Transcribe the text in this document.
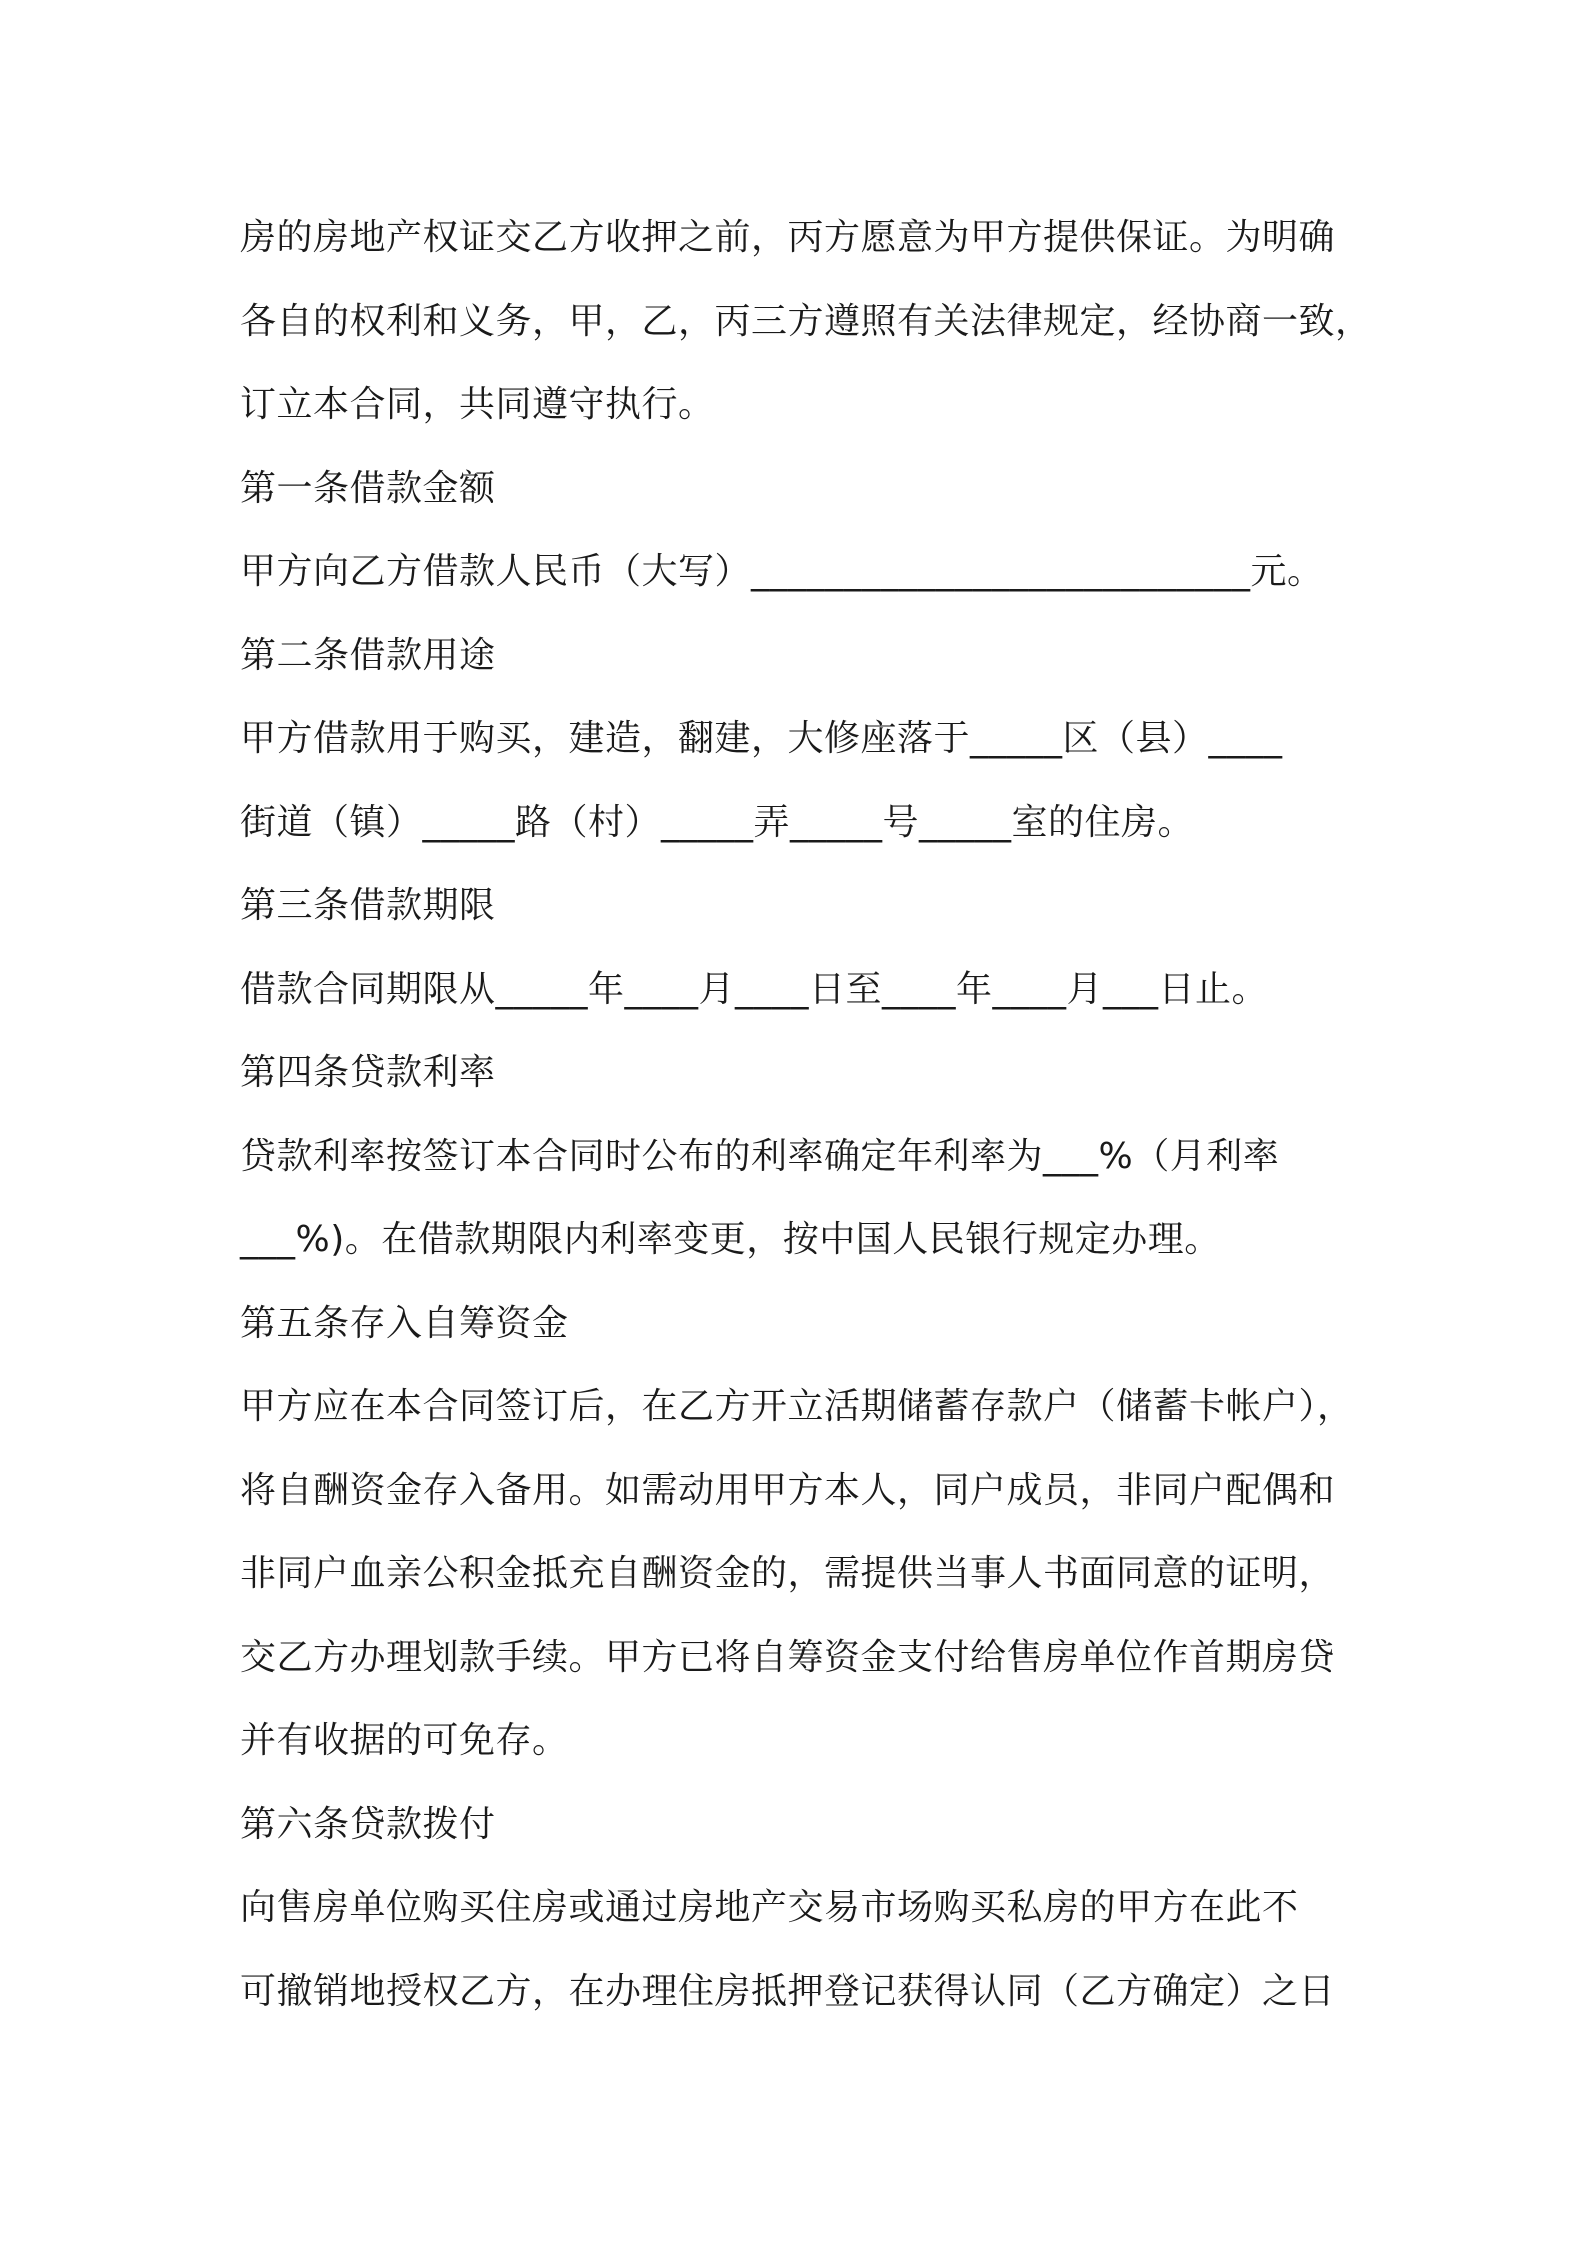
房的房地产权证交乙方收押之前，丙方愿意为甲方提供保证。为明确
各自的权利和义务，甲，乙，丙三方遵照有关法律规定，经协商一致，
订立本合同，共同遵守执行。
第一条借款金额
甲方向乙方借款人民币（大写）___________________________元。
第二条借款用途
甲方借款用于购买，建造，翻建，大修座落于_____区（县）____
街道（镇）_____路（村）_____弄_____号_____室的住房。
第三条借款期限
借款合同期限从_____年____月____日至____年____月___日止。
第四条贷款利率
贷款利率按签订本合同时公布的利率确定年利率为___%（月利率
___%)。在借款期限内利率变更，按中国人民银行规定办理。
第五条存入自筹资金
甲方应在本合同签订后，在乙方开立活期储蓄存款户（储蓄卡帐户），
将自酬资金存入备用。如需动用甲方本人，同户成员，非同户配偶和
非同户血亲公积金抵充自酬资金的，需提供当事人书面同意的证明，
交乙方办理划款手续。甲方已将自筹资金支付给售房单位作首期房贷
并有收据的可免存。
第六条贷款拨付
向售房单位购买住房或通过房地产交易市场购买私房的甲方在此不
可撤销地授权乙方，在办理住房抵押登记获得认同（乙方确定）之日
